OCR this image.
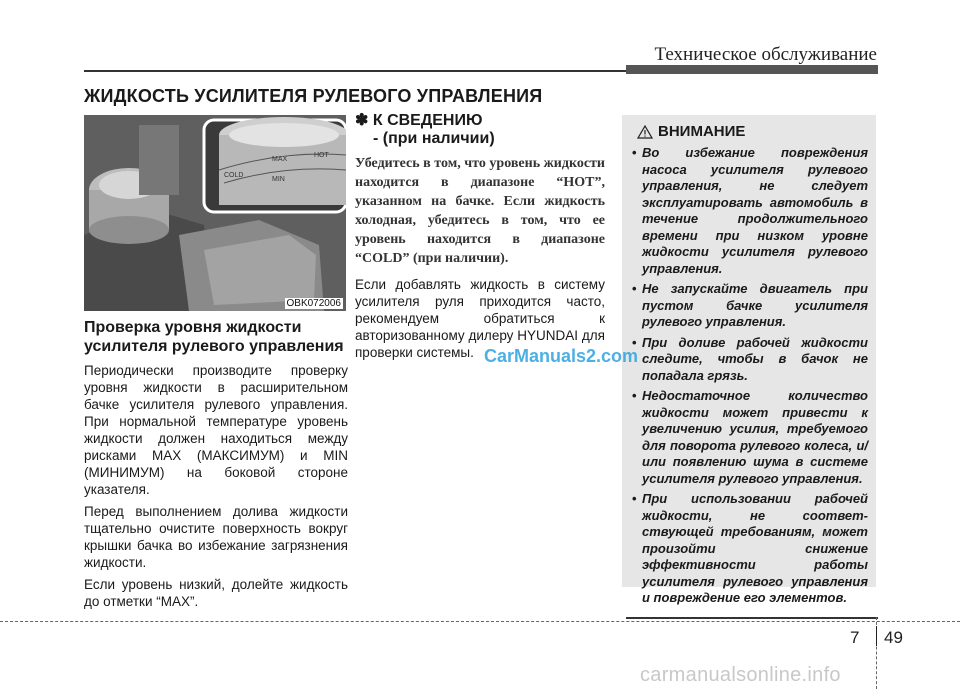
Техническое обслуживание
ЖИДКОСТЬ УСИЛИТЕЛЯ РУЛЕВОГО УПРАВЛЕНИЯ
MAX
HOT
COLD
MIN
OBK072006
Проверка уровня жидкости усилителя рулевого управления

Периодически производите проверку уровня жидкости в расширительном бачке усилителя рулевого управления. При нормальной температуре уровень жидкости должен находиться между рисками MAX (МАКСИМУМ) и MIN (МИНИМУМ) на боковой стороне указателя.

Перед выполнением долива жидкости тщательно очистите поверхность вокруг крышки бачка во избежание загрязнения жидкости.

Если уровень низкий, долейте жидкость до отметки “MAX”.

✽ К СВЕДЕНИЮ
- (при наличии)
Убедитесь в том, что уровень жидкости находится в диапазоне “HOT”, указанном на бачке. Если жидкость холодная, убедитесь в том, что ее уровень находится в диапазоне “COLD” (при наличии).

Если добавлять жидкость в систему усилителя руля приходится часто, рекомендуем обратиться к авторизованному дилеру HYUNDAI для проверки системы.

ВНИМАНИЕ
• Во избежание повреждения насоса усилителя рулевого управления, не следует эксплуатировать автомобиль в течение продолжительного времени при низком уровне жидкости усилителя рулевого управления.
• Не запускайте двигатель при пустом бачке усилителя рулевого управления.
• При доливе рабочей жидкости следите, чтобы в бачок не попадала грязь.
• Недостаточное количество жидкости может привести к увеличению усилия, требуемого для поворота рулевого колеса, и/или появлению шума в системе усилителя рулевого управления.
• При использовании рабочей жидкости, не соответ-ствующей требованиям, может произойти снижение эффективности работы усилителя рулевого управления и повреждение его элементов.
CarManuals2.com
7 49
carmanualsonline.info
